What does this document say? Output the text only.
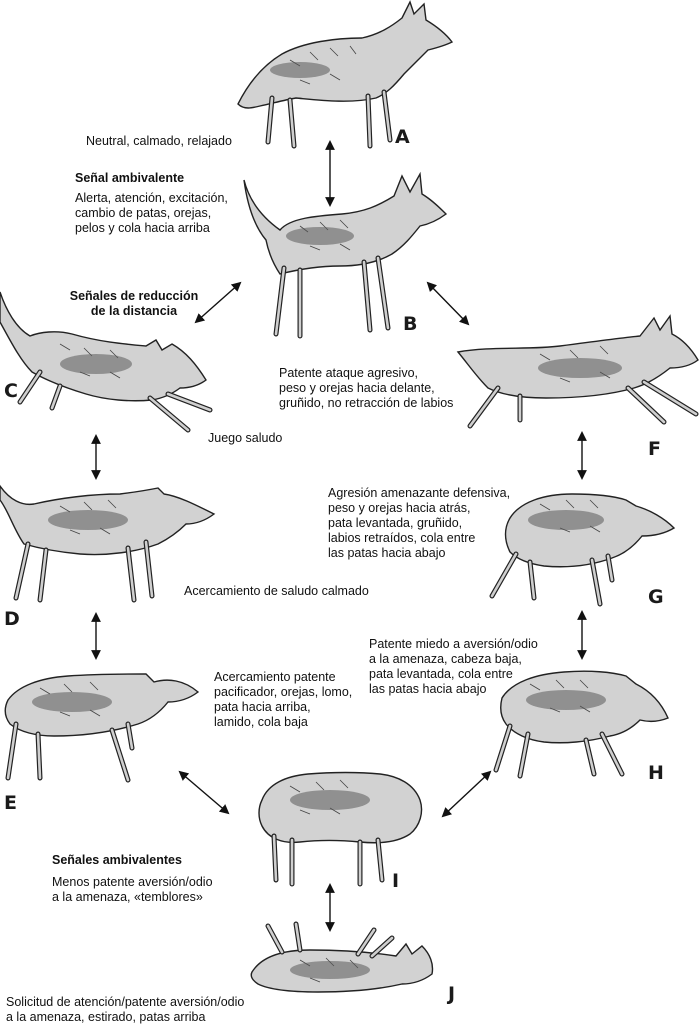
A

B

C

D

E

F

G

H

I

J

Neutral, calmado, relajado

Señal ambivalente

Alerta, atención, excitación,
cambio de patas, orejas,
pelos y cola hacia arriba

Señales de reducción
de la distancia

Patente ataque agresivo,
peso y orejas hacia delante,
gruñido, no retracción de labios

Juego saludo

Agresión amenazante defensiva,
peso y orejas hacia atrás,
pata levantada, gruñido,
labios retraídos, cola entre
las patas hacia abajo

Acercamiento de saludo calmado

Patente miedo a aversión/odio
a la amenaza, cabeza baja,
pata levantada, cola entre
las patas hacia abajo

Acercamiento patente
pacificador, orejas, lomo,
pata hacia arriba,
lamido, cola baja

Señales ambivalentes

Menos patente aversión/odio
a la amenaza, «temblores»

Solicitud de atención/patente aversión/odio
a la amenaza, estirado, patas arriba
